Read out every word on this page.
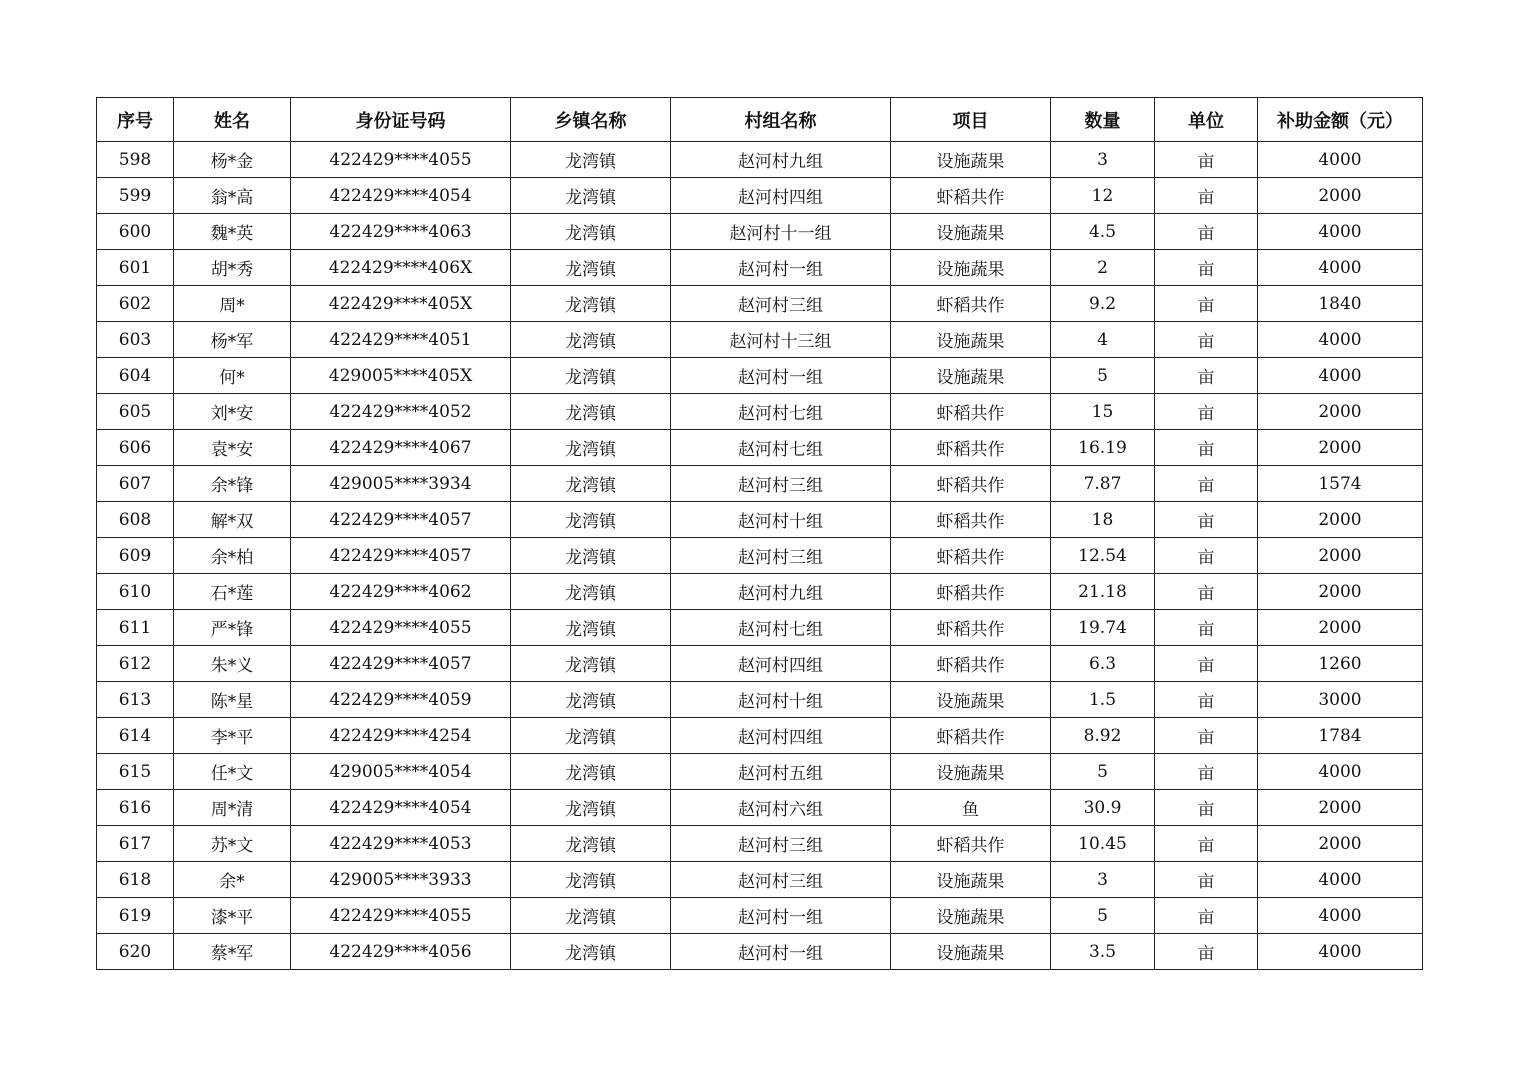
序号	姓名	身份证号码	乡镇名称	村组名称	项目	数量	单位	补助金额（元）
598	杨*金	422429****4055	龙湾镇	赵河村九组	设施蔬果	3	亩	4000
599	翁*高	422429****4054	龙湾镇	赵河村四组	虾稻共作	12	亩	2000
600	魏*英	422429****4063	龙湾镇	赵河村十一组	设施蔬果	4.5	亩	4000
601	胡*秀	422429****406X	龙湾镇	赵河村一组	设施蔬果	2	亩	4000
602	周*	422429****405X	龙湾镇	赵河村三组	虾稻共作	9.2	亩	1840
603	杨*军	422429****4051	龙湾镇	赵河村十三组	设施蔬果	4	亩	4000
604	何*	429005****405X	龙湾镇	赵河村一组	设施蔬果	5	亩	4000
605	刘*安	422429****4052	龙湾镇	赵河村七组	虾稻共作	15	亩	2000
606	袁*安	422429****4067	龙湾镇	赵河村七组	虾稻共作	16.19	亩	2000
607	余*锋	429005****3934	龙湾镇	赵河村三组	虾稻共作	7.87	亩	1574
608	解*双	422429****4057	龙湾镇	赵河村十组	虾稻共作	18	亩	2000
609	余*柏	422429****4057	龙湾镇	赵河村三组	虾稻共作	12.54	亩	2000
610	石*莲	422429****4062	龙湾镇	赵河村九组	虾稻共作	21.18	亩	2000
611	严*锋	422429****4055	龙湾镇	赵河村七组	虾稻共作	19.74	亩	2000
612	朱*义	422429****4057	龙湾镇	赵河村四组	虾稻共作	6.3	亩	1260
613	陈*星	422429****4059	龙湾镇	赵河村十组	设施蔬果	1.5	亩	3000
614	李*平	422429****4254	龙湾镇	赵河村四组	虾稻共作	8.92	亩	1784
615	任*文	429005****4054	龙湾镇	赵河村五组	设施蔬果	5	亩	4000
616	周*清	422429****4054	龙湾镇	赵河村六组	鱼	30.9	亩	2000
617	苏*文	422429****4053	龙湾镇	赵河村三组	虾稻共作	10.45	亩	2000
618	余*	429005****3933	龙湾镇	赵河村三组	设施蔬果	3	亩	4000
619	漆*平	422429****4055	龙湾镇	赵河村一组	设施蔬果	5	亩	4000
620	蔡*军	422429****4056	龙湾镇	赵河村一组	设施蔬果	3.5	亩	4000
